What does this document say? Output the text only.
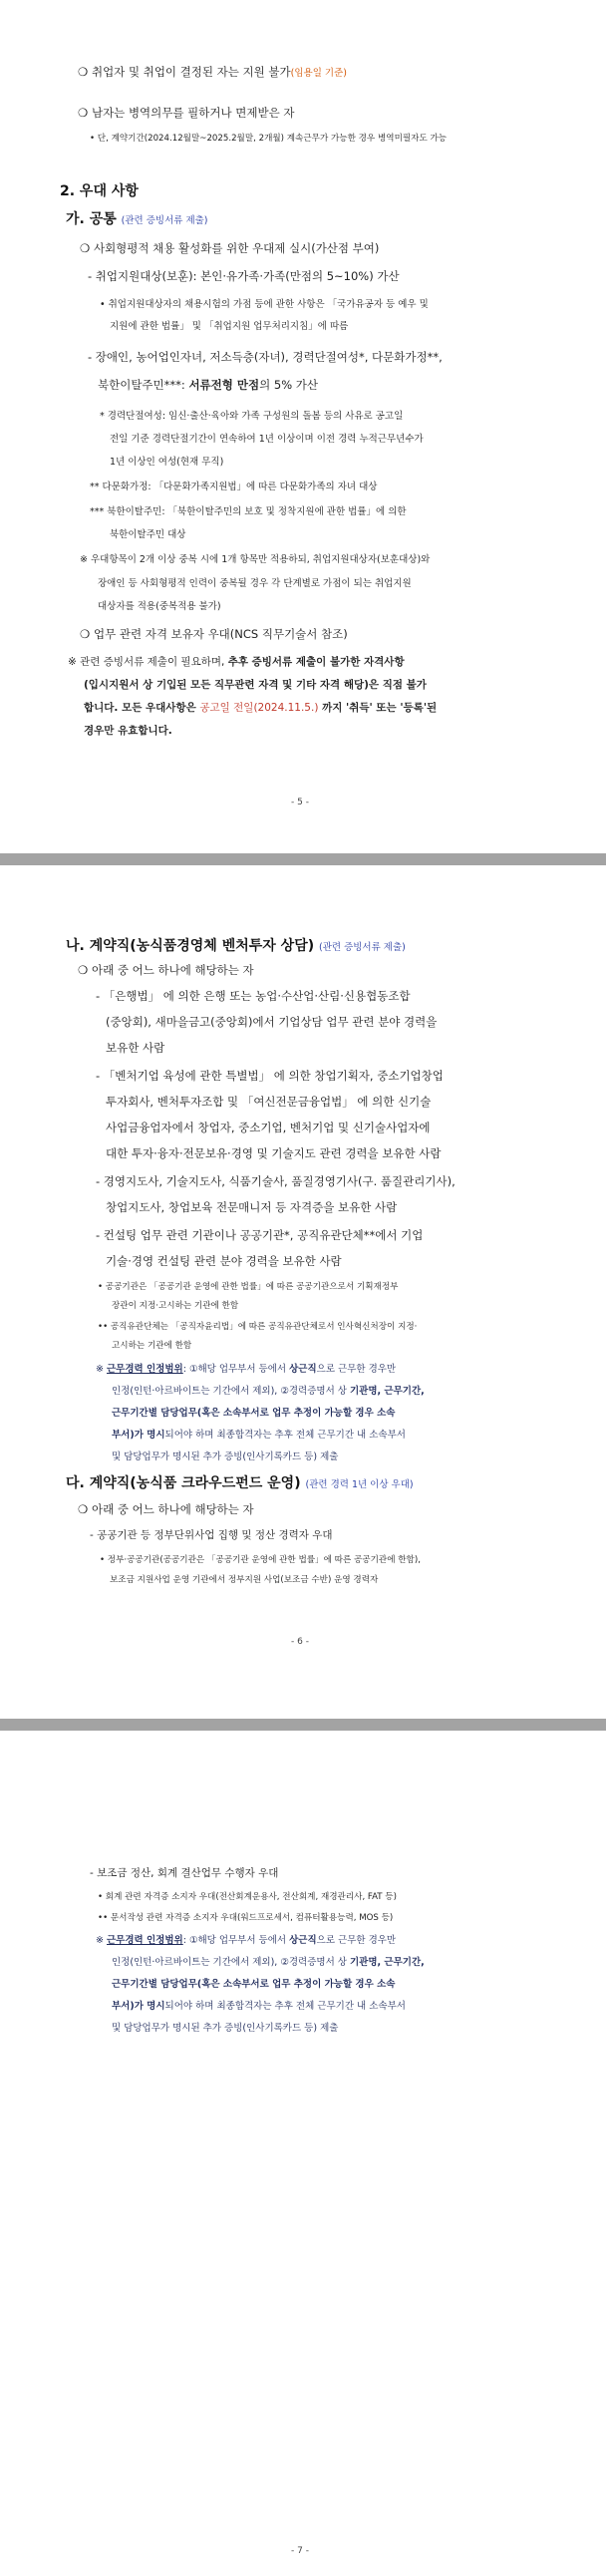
❍ 취업자 및 취업이 결정된 자는 지원 불가(임용일 기준)
❍ 남자는 병역의무를 필하거나 면제받은 자
• 단, 계약기간(2024.12월말~2025.2월말, 2개월) 계속근무가 가능한 경우 병역미필자도 가능
2. 우대 사항
가. 공통 (관련 증빙서류 제출)
❍ 사회형평적 채용 활성화를 위한 우대제 실시(가산점 부여)
- 취업지원대상(보훈): 본인·유가족·가족(만점의 5~10%) 가산
• 취업지원대상자의 채용시험의 가점 등에 관한 사항은 「국가유공자 등 예우 및
지원에 관한 법률」 및 「취업지원 업무처리지침」에 따름
- 장애인, 농어업인자녀, 저소득층(자녀), 경력단절여성*, 다문화가정**,
북한이탈주민***: 서류전형 만점의 5% 가산
* 경력단절여성: 임신·출산·육아와 가족 구성원의 돌봄 등의 사유로 공고일
전일 기준 경력단절기간이 연속하여 1년 이상이며 이전 경력 누적근무년수가
1년 이상인 여성(현재 무직)
** 다문화가정: 「다문화가족지원법」에 따른 다문화가족의 자녀 대상
*** 북한이탈주민: 「북한이탈주민의 보호 및 정착지원에 관한 법률」에 의한
북한이탈주민 대상
※ 우대항목이 2개 이상 중복 시에 1개 항목만 적용하되, 취업지원대상자(보훈대상)와
장애인 등 사회형평적 인력이 중복될 경우 각 단계별로 가점이 되는 취업지원
대상자를 적용(중복적용 불가)
❍ 업무 관련 자격 보유자 우대(NCS 직무기술서 참조)
※ 관련 증빙서류 제출이 필요하며, 추후 증빙서류 제출이 불가한 자격사항
(입시지원서 상 기입된 모든 직무관련 자격 및 기타 자격 해당)은 직점 불가
합니다. 모든 우대사항은 공고일 전일(2024.11.5.) 까지 '취득' 또는 '등록'된
경우만 유효합니다.
- 5 -
나. 계약직(농식품경영체 벤처투자 상담) (관련 증빙서류 제출)
❍ 아래 중 어느 하나에 해당하는 자
- 「은행법」 에 의한 은행 또는 농업·수산업·산림·신용협동조합
(중앙회), 새마을금고(중앙회)에서 기업상담 업무 관련 분야 경력을
보유한 사람
- 「벤처기업 육성에 관한 특별법」 에 의한 창업기획자, 중소기업창업
투자회사, 벤처투자조합 및 「여신전문금융업법」 에 의한 신기술
사업금융업자에서 창업자, 중소기업, 벤처기업 및 신기술사업자에
대한 투자·융자·전문보유·경영 및 기술지도 관련 경력을 보유한 사람
- 경영지도사, 기술지도사, 식품기술사, 품질경영기사(구. 품질관리기사),
창업지도사, 창업보육 전문매니저 등 자격증을 보유한 사람
- 컨설팅 업무 관련 기관이나 공공기관*, 공직유관단체**에서 기업
기술·경영 컨설팅 관련 분야 경력을 보유한 사람
• 공공기관은 「공공기관 운영에 관한 법률」에 따른 공공기관으로서 기획재정부
장관이 지정·고시하는 기관에 한함
•• 공직유관단체는 「공직자윤리법」에 따른 공직유관단체로서 인사혁신처장이 지정·
고시하는 기관에 한함
※ 근무경력 인정범위: ①해당 업무부서 등에서 상근직으로 근무한 경우만
인정(인턴·아르바이트는 기간에서 제외), ②경력증명서 상 기관명, 근무기간,
근무기간별 담당업무(혹은 소속부서로 업무 추정이 가능할 경우 소속
부서)가 명시되어야 하며 최종합격자는 추후 전체 근무기간 내 소속부서
및 담당업무가 명시된 추가 증빙(인사기록카드 등) 제출
다. 계약직(농식품 크라우드펀드 운영) (관련 경력 1년 이상 우대)
❍ 아래 중 어느 하나에 해당하는 자
- 공공기관 등 정부단위사업 집행 및 정산 경력자 우대
• 정부·공공기관(공공기관은 「공공기관 운영에 관한 법률」에 따른 공공기관에 한함),
보조금 지원사업 운영 기관에서 정부지원 사업(보조금 수반) 운영 경력자
- 6 -
- 보조금 정산, 회계 결산업무 수행자 우대
• 회계 관련 자격증 소지자 우대(전산회계운용사, 전산회계, 재경관리사, FAT 등)
•• 문서작성 관련 자격증 소지자 우대(워드프로세서, 컴퓨터활용능력, MOS 등)
※ 근무경력 인정범위: ①해당 업무부서 등에서 상근직으로 근무한 경우만
인정(인턴·아르바이트는 기간에서 제외), ②경력증명서 상 기관명, 근무기간,
근무기간별 담당업무(혹은 소속부서로 업무 추정이 가능할 경우 소속
부서)가 명시되어야 하며 최종합격자는 추후 전체 근무기간 내 소속부서
및 담당업무가 명시된 추가 증빙(인사기록카드 등) 제출
- 7 -
